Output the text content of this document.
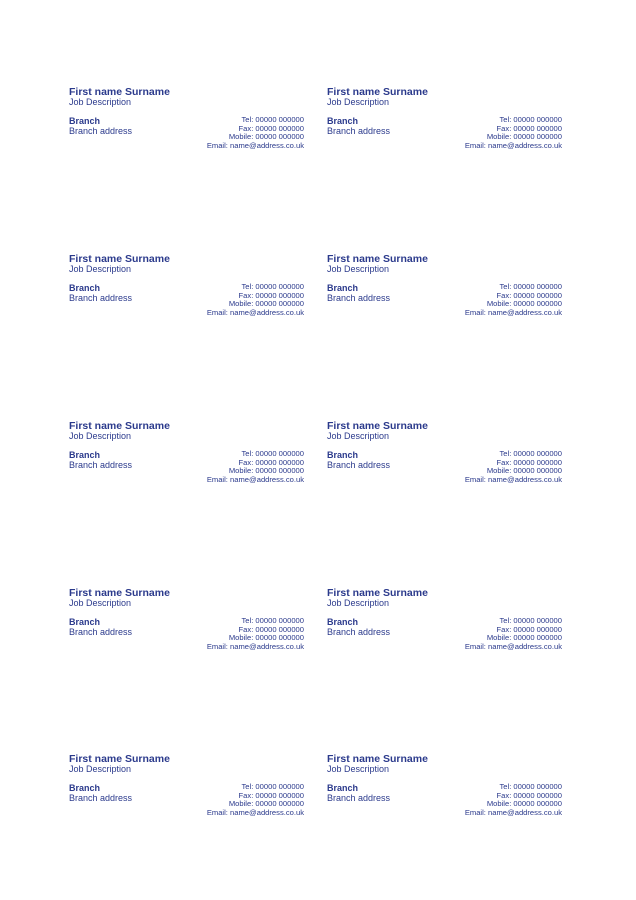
First name Surname
Job Description
Branch
Branch address
Tel: 00000 000000
Fax: 00000 000000
Mobile: 00000 000000
Email: name@address.co.uk
First name Surname
Job Description
Branch
Branch address
Tel: 00000 000000
Fax: 00000 000000
Mobile: 00000 000000
Email: name@address.co.uk
First name Surname
Job Description
Branch
Branch address
Tel: 00000 000000
Fax: 00000 000000
Mobile: 00000 000000
Email: name@address.co.uk
First name Surname
Job Description
Branch
Branch address
Tel: 00000 000000
Fax: 00000 000000
Mobile: 00000 000000
Email: name@address.co.uk
First name Surname
Job Description
Branch
Branch address
Tel: 00000 000000
Fax: 00000 000000
Mobile: 00000 000000
Email: name@address.co.uk
First name Surname
Job Description
Branch
Branch address
Tel: 00000 000000
Fax: 00000 000000
Mobile: 00000 000000
Email: name@address.co.uk
First name Surname
Job Description
Branch
Branch address
Tel: 00000 000000
Fax: 00000 000000
Mobile: 00000 000000
Email: name@address.co.uk
First name Surname
Job Description
Branch
Branch address
Tel: 00000 000000
Fax: 00000 000000
Mobile: 00000 000000
Email: name@address.co.uk
First name Surname
Job Description
Branch
Branch address
Tel: 00000 000000
Fax: 00000 000000
Mobile: 00000 000000
Email: name@address.co.uk
First name Surname
Job Description
Branch
Branch address
Tel: 00000 000000
Fax: 00000 000000
Mobile: 00000 000000
Email: name@address.co.uk
